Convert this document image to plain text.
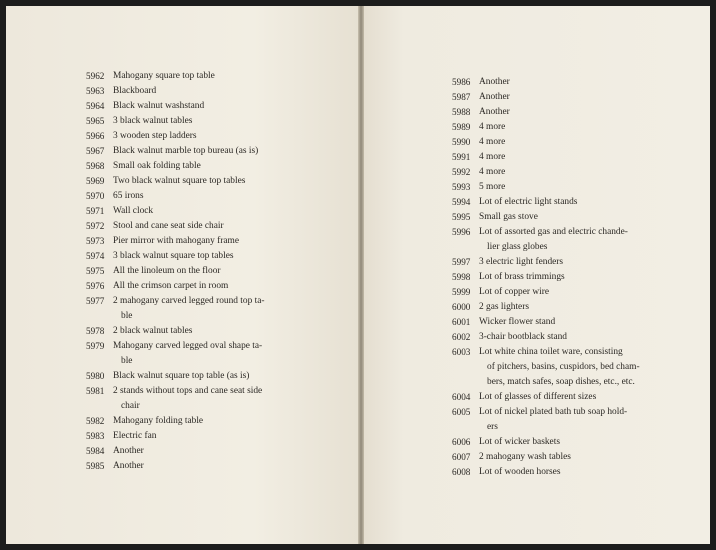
5962 Mahogany square top table
5963 Blackboard
5964 Black walnut washstand
5965 3 black walnut tables
5966 3 wooden step ladders
5967 Black walnut marble top bureau (as is)
5968 Small oak folding table
5969 Two black walnut square top tables
5970 65 irons
5971 Wall clock
5972 Stool and cane seat side chair
5973 Pier mirror with mahogany frame
5974 3 black walnut square top tables
5975 All the linoleum on the floor
5976 All the crimson carpet in room
5977 2 mahogany carved legged round top ta-
ble
5978 2 black walnut tables
5979 Mahogany carved legged oval shape ta-
ble
5980 Black walnut square top table (as is)
5981 2 stands without tops and cane seat side
chair
5982 Mahogany folding table
5983 Electric fan
5984 Another
5985 Another
5986 Another
5987 Another
5988 Another
5989 4 more
5990 4 more
5991 4 more
5992 4 more
5993 5 more
5994 Lot of electric light stands
5995 Small gas stove
5996 Lot of assorted gas and electric chande-
lier glass globes
5997 3 electric light fenders
5998 Lot of brass trimmings
5999 Lot of copper wire
6000 2 gas lighters
6001 Wicker flower stand
6002 3-chair bootblack stand
6003 Lot white china toilet ware, consisting
of pitchers, basins, cuspidors, bed cham-
bers, match safes, soap dishes, etc., etc.
6004 Lot of glasses of different sizes
6005 Lot of nickel plated bath tub soap hold-
ers
6006 Lot of wicker baskets
6007 2 mahogany wash tables
6008 Lot of wooden horses
